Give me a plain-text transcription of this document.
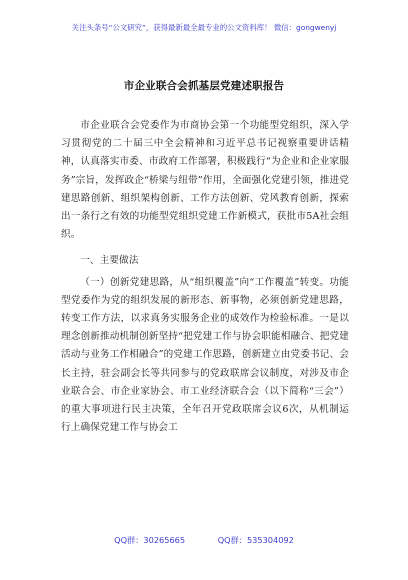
关注头条号“公文研究”，获得最新最全最专业的公文资料库！ 微信：gongwenyj
市企业联合会抓基层党建述职报告

市企业联合会党委作为市商协会第一个功能型党组织，深入学习贯彻党的二十届三中全会精神和习近平总书记视察重要讲话精神，认真落实市委、市政府工作部署，积极践行“为企业和企业家服务”宗旨，发挥政企“桥梁与纽带”作用，全面强化党建引领，推进党建思路创新、组织架构创新、工作方法创新、党风教育创新，探索出一条行之有效的功能型党组织党建工作新模式，获批市5A社会组织。

一、主要做法

（一）创新党建思路，从“组织覆盖”向“工作覆盖”转变。功能型党委作为党的组织发展的新形态、新事物，必须创新党建思路，转变工作方法，以求真务实服务企业的成效作为检验标准。一是以理念创新推动机制创新坚持“把党建工作与协会职能相融合、把党建活动与业务工作相融合”的党建工作思路，创新建立由党委书记、会长主持，驻会副会长等共同参与的党政联席会议制度，对涉及市企业联合会、市企业家协会、市工业经济联合会（以下简称“三会”）的重大事项进行民主决策，全年召开党政联席会议6次，从机制运行上确保党建工作与协会工

QQ群：30265665	QQ群：535304092
